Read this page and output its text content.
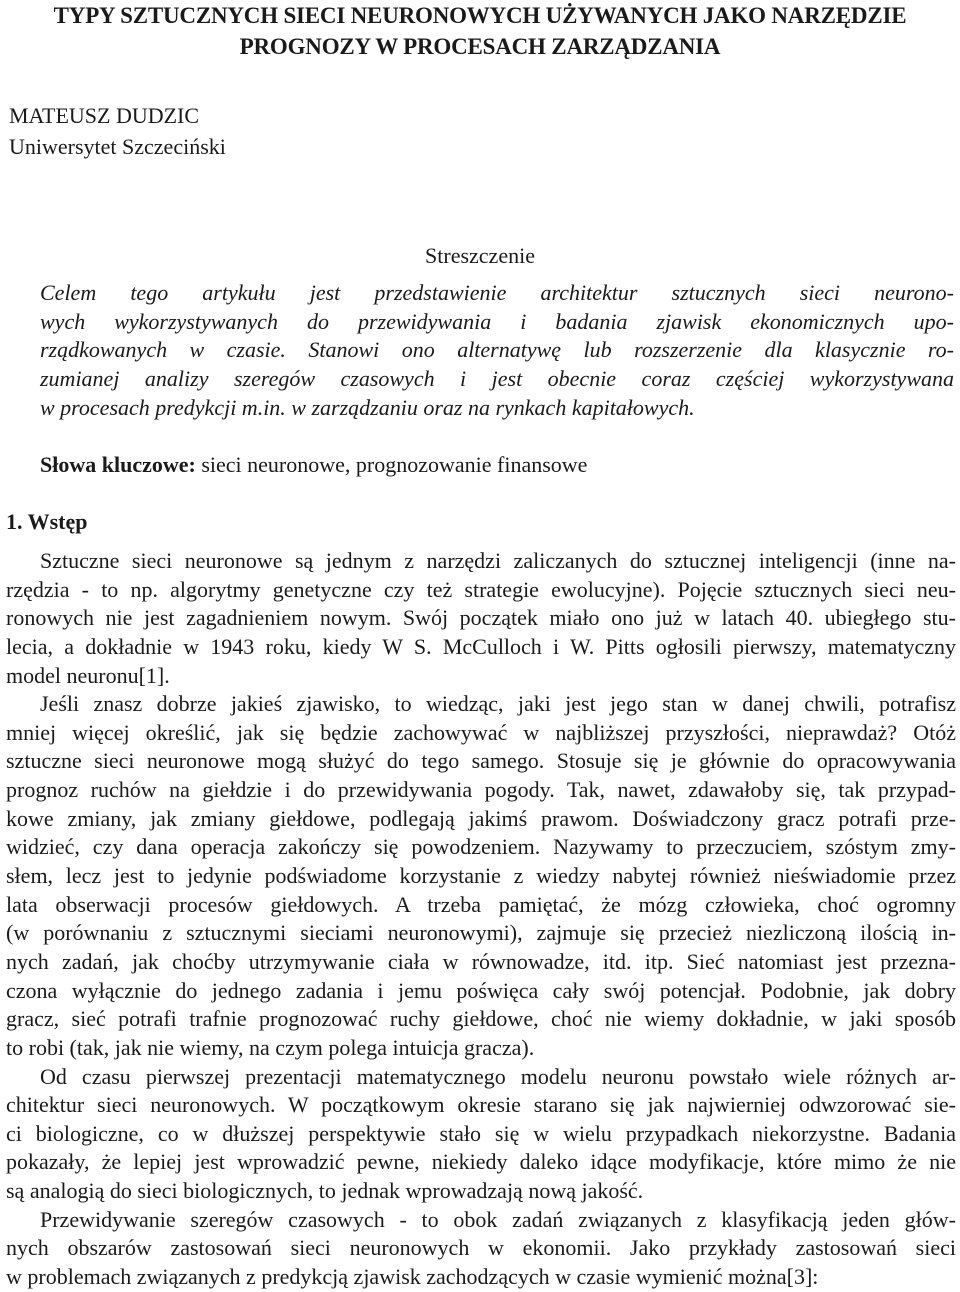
TYPY SZTUCZNYCH SIECI NEURONOWYCH UŻYWANYCH JAKO NARZĘDZIE
PROGNOZY W PROCESACH ZARZĄDZANIA
MATEUSZ DUDZIC
Uniwersytet Szczeciński
Streszczenie
Celem tego artykułu jest przedstawienie architektur sztucznych sieci neurono-
wych wykorzystywanych do przewidywania i badania zjawisk ekonomicznych upo-
rządkowanych w czasie. Stanowi ono alternatywę lub rozszerzenie dla klasycznie ro-
zumianej analizy szeregów czasowych i jest obecnie coraz częściej wykorzystywana
w procesach predykcji m.in. w zarządzaniu oraz na rynkach kapitałowych.
Słowa kluczowe: sieci neuronowe, prognozowanie finansowe
1. Wstęp
Sztuczne sieci neuronowe są jednym z narzędzi zaliczanych do sztucznej inteligencji (inne na-
rzędzia - to np. algorytmy genetyczne czy też strategie ewolucyjne). Pojęcie sztucznych sieci neu-
ronowych nie jest zagadnieniem nowym. Swój początek miało ono już w latach 40. ubiegłego stu-
lecia, a dokładnie w 1943 roku, kiedy W S. McCulloch i W. Pitts ogłosili pierwszy, matematyczny
model neuronu[1].
Jeśli znasz dobrze jakieś zjawisko, to wiedząc, jaki jest jego stan w danej chwili, potrafisz
mniej więcej określić, jak się będzie zachowywać w najbliższej przyszłości, nieprawdaż? Otóż
sztuczne sieci neuronowe mogą służyć do tego samego. Stosuje się je głównie do opracowywania
prognoz ruchów na giełdzie i do przewidywania pogody. Tak, nawet, zdawałoby się, tak przypad-
kowe zmiany, jak zmiany giełdowe, podlegają jakimś prawom. Doświadczony gracz potrafi prze-
widzieć, czy dana operacja zakończy się powodzeniem. Nazywamy to przeczuciem, szóstym zmy-
słem, lecz jest to jedynie podświadome korzystanie z wiedzy nabytej również nieświadomie przez
lata obserwacji procesów giełdowych. A trzeba pamiętać, że mózg człowieka, choć ogromny
(w porównaniu z sztucznymi sieciami neuronowymi), zajmuje się przecież niezliczoną ilością in-
nych zadań, jak choćby utrzymywanie ciała w równowadze, itd. itp. Sieć natomiast jest przezna-
czona wyłącznie do jednego zadania i jemu poświęca cały swój potencjał. Podobnie, jak dobry
gracz, sieć potrafi trafnie prognozować ruchy giełdowe, choć nie wiemy dokładnie, w jaki sposób
to robi (tak, jak nie wiemy, na czym polega intuicja gracza).
Od czasu pierwszej prezentacji matematycznego modelu neuronu powstało wiele różnych ar-
chitektur sieci neuronowych. W początkowym okresie starano się jak najwierniej odwzorować sie-
ci biologiczne, co w dłuższej perspektywie stało się w wielu przypadkach niekorzystne. Badania
pokazały, że lepiej jest wprowadzić pewne, niekiedy daleko idące modyfikacje, które mimo że nie
są analogią do sieci biologicznych, to jednak wprowadzają nową jakość.
Przewidywanie szeregów czasowych - to obok zadań związanych z klasyfikacją jeden głów-
nych obszarów zastosowań sieci neuronowych w ekonomii. Jako przykłady zastosowań sieci
w problemach związanych z predykcją zjawisk zachodzących w czasie wymienić można[3]:
